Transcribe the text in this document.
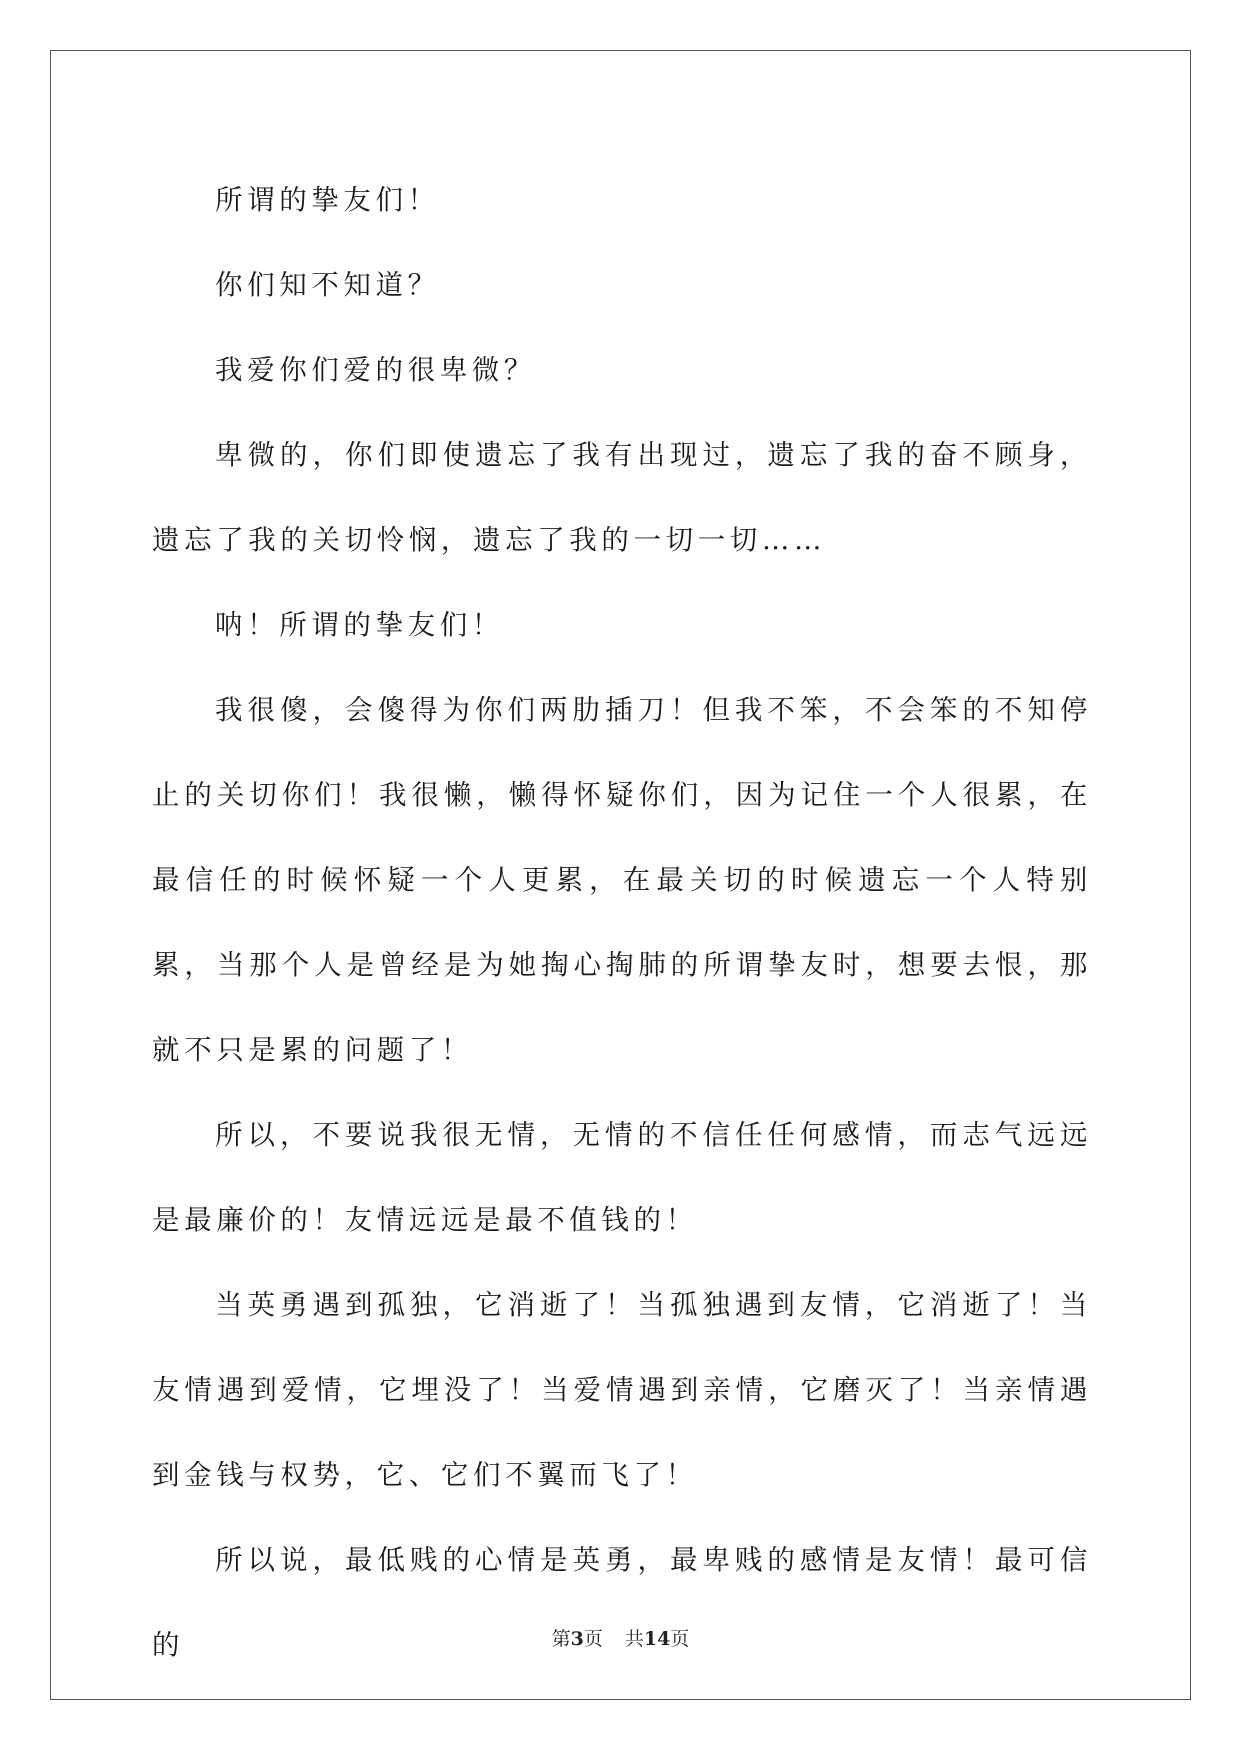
所谓的挚友们！

你们知不知道？

我爱你们爱的很卑微？

卑微的，你们即使遗忘了我有出现过，遗忘了我的奋不顾身，遗忘了我的关切怜悯，遗忘了我的一切一切……

呐！所谓的挚友们！

我很傻，会傻得为你们两肋插刀！但我不笨，不会笨的不知停止的关切你们！我很懒，懒得怀疑你们，因为记住一个人很累，在最信任的时候怀疑一个人更累，在最关切的时候遗忘一个人特别累，当那个人是曾经是为她掏心掏肺的所谓挚友时，想要去恨，那就不只是累的问题了！

所以，不要说我很无情，无情的不信任任何感情，而志气远远是最廉价的！友情远远是最不值钱的！

当英勇遇到孤独，它消逝了！当孤独遇到友情，它消逝了！当友情遇到爱情，它埋没了！当爱情遇到亲情，它磨灭了！当亲情遇到金钱与权势，它、它们不翼而飞了！

所以说，最低贱的心情是英勇，最卑贱的感情是友情！最可信的	第3页 共14页
